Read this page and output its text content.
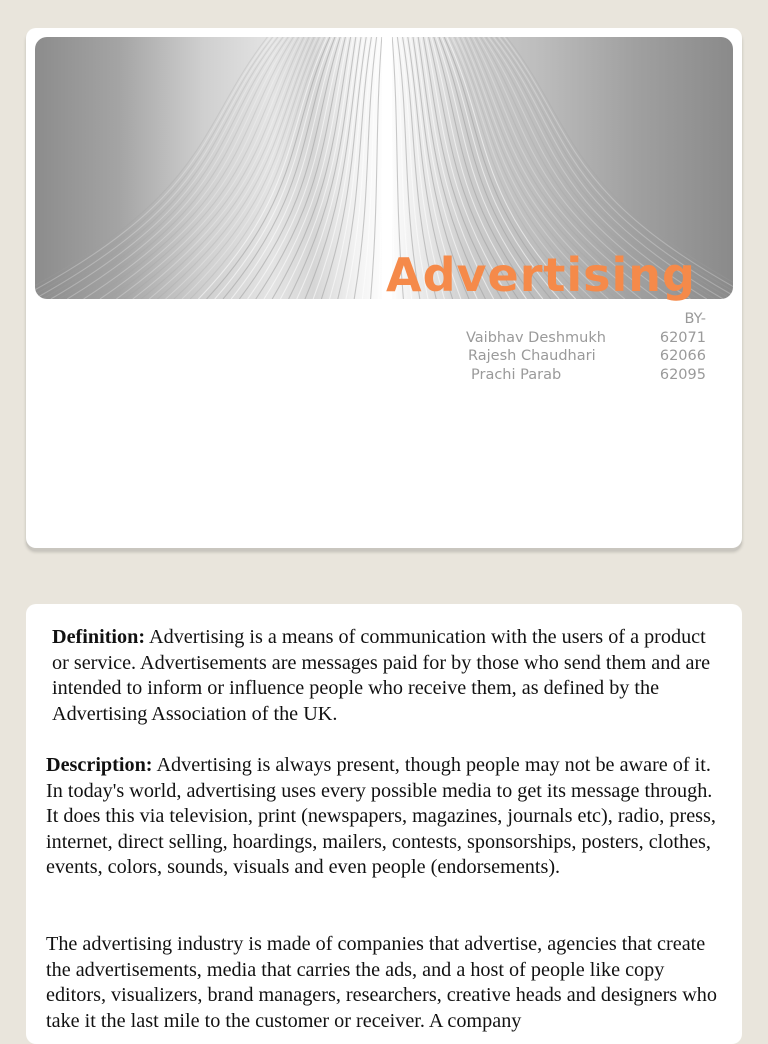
Advertising
BY-
Vaibhav Deshmukh	62071
Rajesh Chaudhari	62066
Prachi Parab	62095
Definition: Advertising is a means of communication with the users of a product or service. Advertisements are messages paid for by those who send them and are intended to inform or influence people who receive them, as defined by the Advertising Association of the UK.
Description: Advertising is always present, though people may not be aware of it. In today's world, advertising uses every possible media to get its message through. It does this via television, print (newspapers, magazines, journals etc), radio, press, internet, direct selling, hoardings, mailers, contests, sponsorships, posters, clothes, events, colors, sounds, visuals and even people (endorsements).
The advertising industry is made of companies that advertise, agencies that create the advertisements, media that carries the ads, and a host of people like copy editors, visualizers, brand managers, researchers, creative heads and designers who take it the last mile to the customer or receiver. A company
